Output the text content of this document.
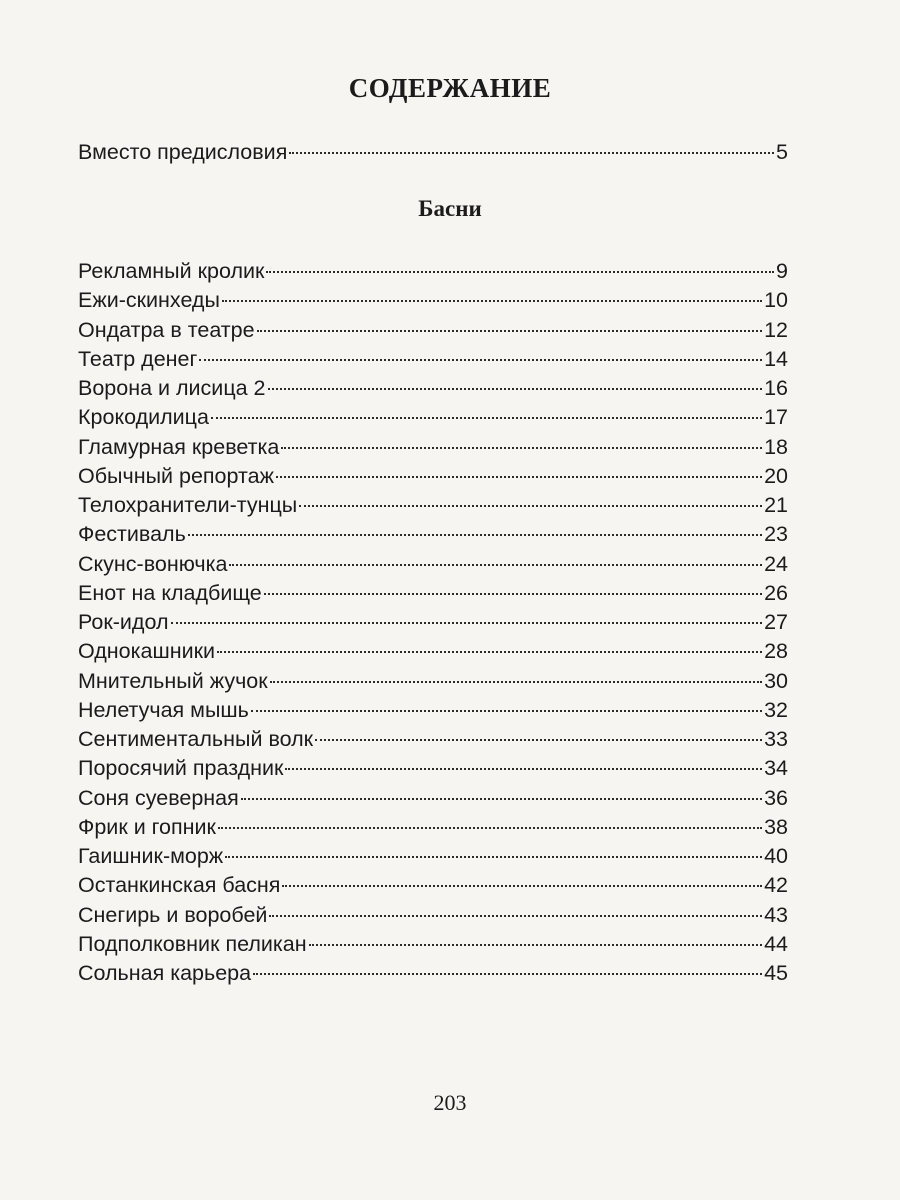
СОДЕРЖАНИЕ
Вместо предисловия	5
Басни
Рекламный кролик	9
Ежи-скинхеды	10
Ондатра в театре	12
Театр денег	14
Ворона и лисица 2	16
Крокодилица	17
Гламурная креветка	18
Обычный репортаж	20
Телохранители-тунцы	21
Фестиваль	23
Скунс-вонючка	24
Енот на кладбище	26
Рок-идол	27
Однокашники	28
Мнительный жучок	30
Нелетучая мышь	32
Сентиментальный волк	33
Поросячий праздник	34
Соня суеверная	36
Фрик и гопник	38
Гаишник-морж	40
Останкинская басня	42
Снегирь и воробей	43
Подполковник пеликан	44
Сольная карьера	45
203
